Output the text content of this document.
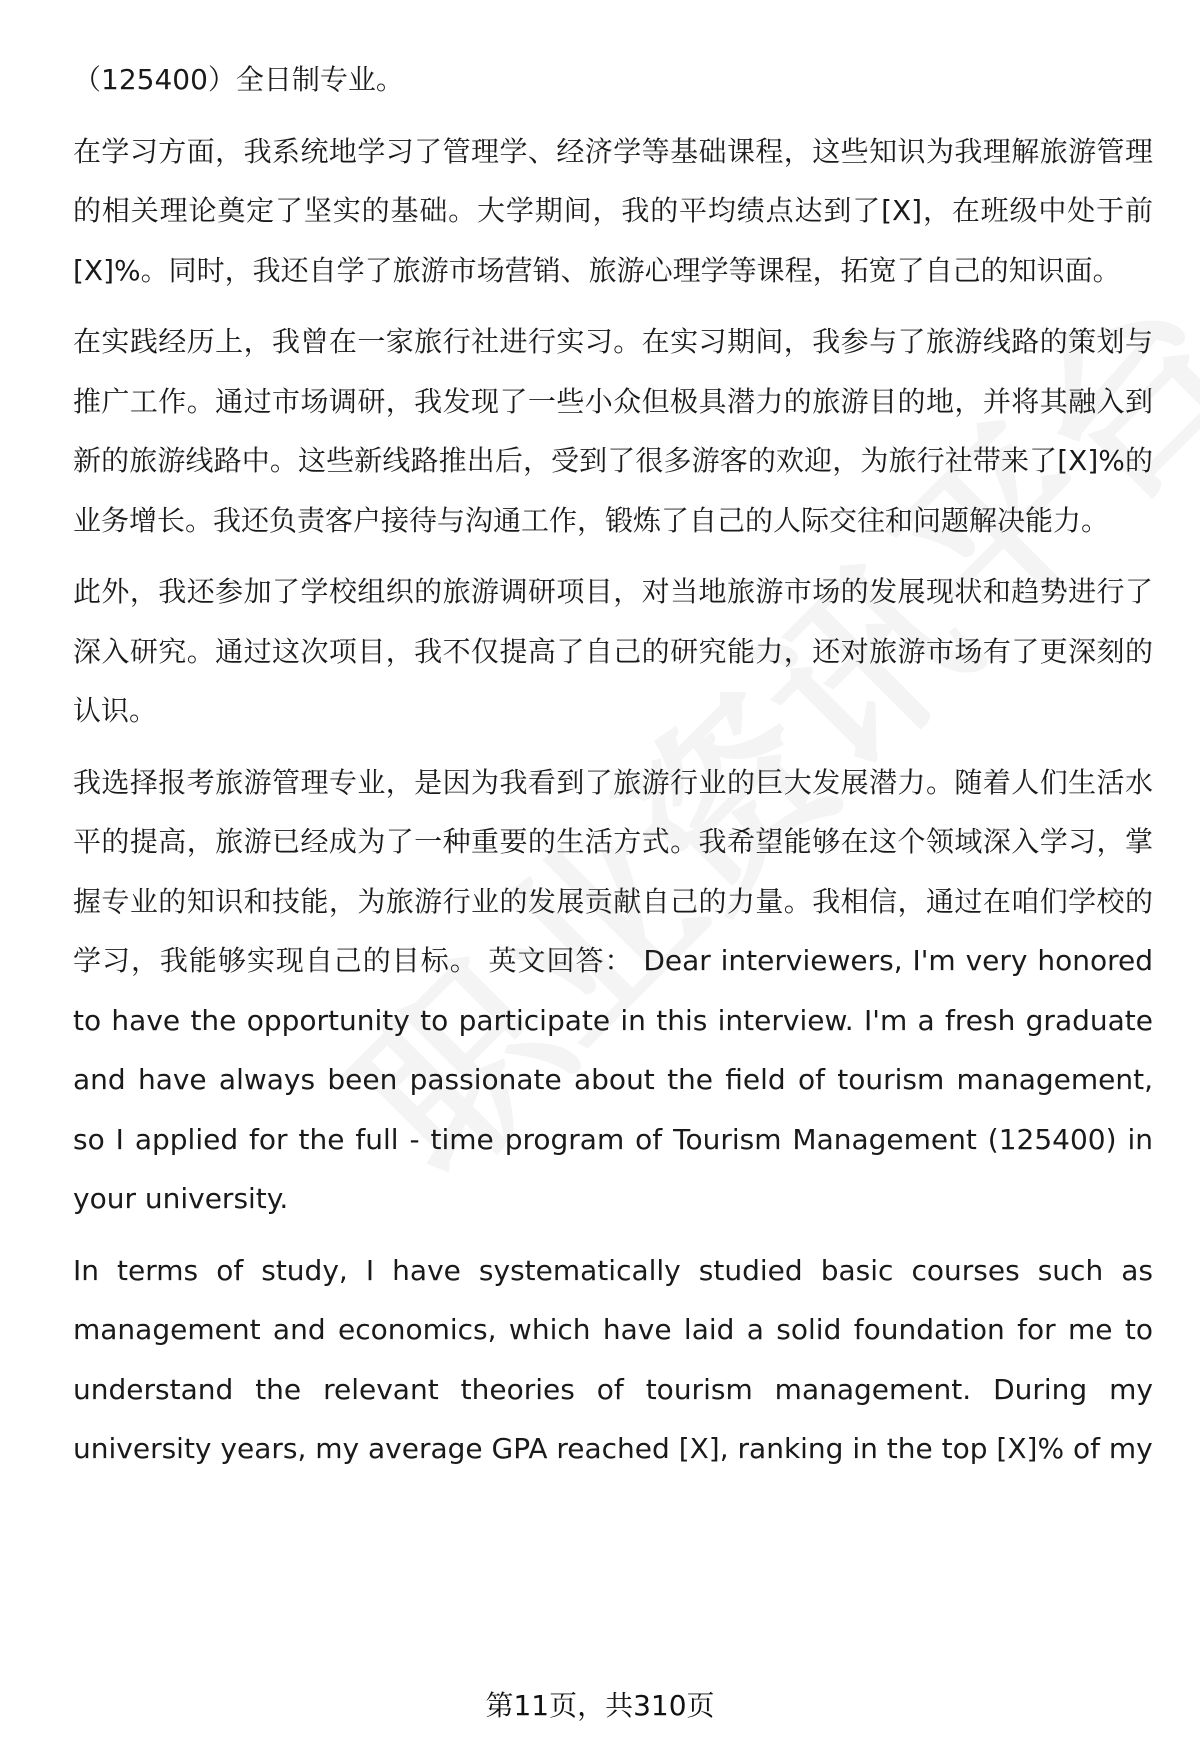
（125400）全日制专业。

在学习方面，我系统地学习了管理学、经济学等基础课程，这些知识为我理解旅游管理的相关理论奠定了坚实的基础。大学期间，我的平均绩点达到了[X]，在班级中处于前[X]%。同时，我还自学了旅游市场营销、旅游心理学等课程，拓宽了自己的知识面。

在实践经历上，我曾在一家旅行社进行实习。在实习期间，我参与了旅游线路的策划与推广工作。通过市场调研，我发现了一些小众但极具潜力的旅游目的地，并将其融入到新的旅游线路中。这些新线路推出后，受到了很多游客的欢迎，为旅行社带来了[X]%的业务增长。我还负责客户接待与沟通工作，锻炼了自己的人际交往和问题解决能力。

此外，我还参加了学校组织的旅游调研项目，对当地旅游市场的发展现状和趋势进行了深入研究。通过这次项目，我不仅提高了自己的研究能力，还对旅游市场有了更深刻的认识。

我选择报考旅游管理专业，是因为我看到了旅游行业的巨大发展潜力。随着人们生活水平的提高，旅游已经成为了一种重要的生活方式。我希望能够在这个领域深入学习，掌握专业的知识和技能，为旅游行业的发展贡献自己的力量。我相信，通过在咱们学校的学习，我能够实现自己的目标。 英文回答： Dear interviewers, I'm very honored to have the opportunity to participate in this interview. I'm a fresh graduate and have always been passionate about the field of tourism management, so I applied for the full - time program of Tourism Management (125400) in your university.

In terms of study, I have systematically studied basic courses such as management and economics, which have laid a solid foundation for me to understand the relevant theories of tourism management. During my university years, my average GPA reached [X], ranking in the top [X]% of my

第11页，共310页
